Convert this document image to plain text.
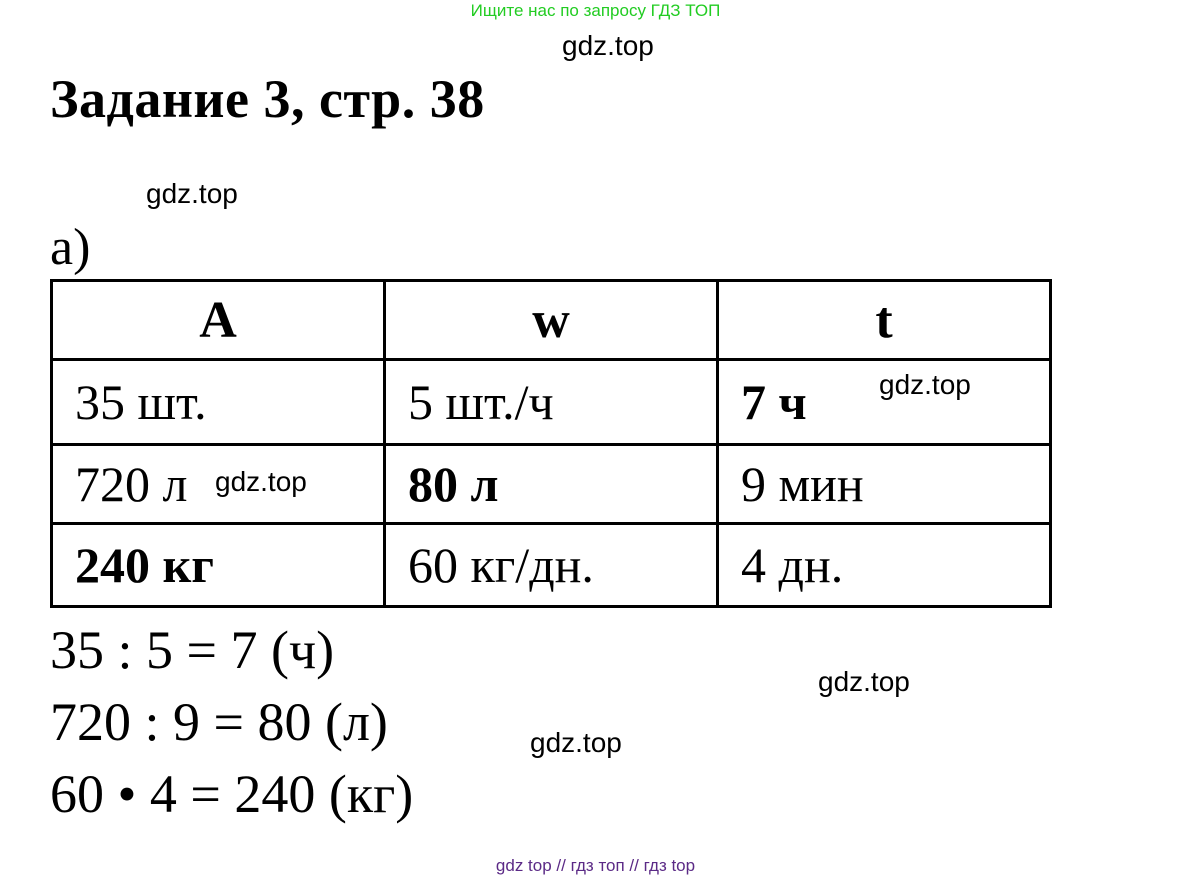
Ищите нас по запросу ГДЗ ТОП
gdz.top
gdz.top
gdz.top
gdz.top
Задание 3, стр. 38
а)
A	w	t
35 шт.	5 шт./ч	7 ч gdz.top

720 л gdz.top	80 л	9 мин
240 кг	60 кг/дн.	4 дн.
35 : 5 = 7 (ч)
720 : 9 = 80 (л)
60 • 4 = 240 (кг)
gdz top // гдз топ // гдз top
